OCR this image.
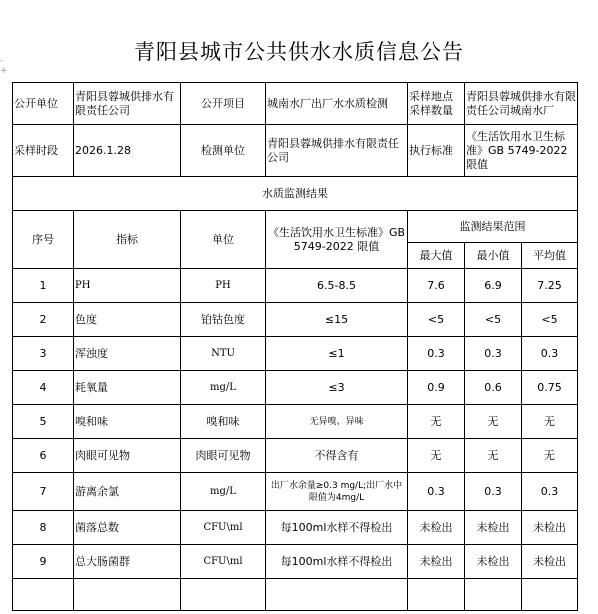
青阳县城市公共供水水质信息公告
-
+
公开单位	青阳县蓉城供排水有限责任公司	公开项目	城南水厂出厂水水质检测	采样地点采样数量	青阳县蓉城供排水有限责任公司城南水厂	
采样时段	2026.1.28	检测单位	青阳县蓉城供排水有限责任公司	执行标准	《生活饮用水卫生标准》GB 5749-2022 限值	
水质监测结果						
序号	指标	单位	《生活饮用水卫生标准》GB 5749-2022 限值	监测结果范围		
				最大值	最小值	平均值
1	PH	PH	6.5-8.5	7.6	6.9	7.25
2	色度	铂钴色度	≤15	<5	<5	<5
3	浑浊度	NTU	≤1	0.3	0.3	0.3
4	耗氧量	mg/L	≤3	0.9	0.6	0.75
5	嗅和味	嗅和味	无异嗅、异味	无	无	无
6	肉眼可见物	肉眼可见物	不得含有	无	无	无
7	游离余氯	mg/L	出厂水余量≥0.3 mg/L;出厂水中限值为4mg/L	0.3	0.3	0.3
8	菌落总数	CFU\ml	每100ml水样不得检出	未检出	未检出	未检出
9	总大肠菌群	CFU\ml	每100ml水样不得检出	未检出	未检出	未检出
